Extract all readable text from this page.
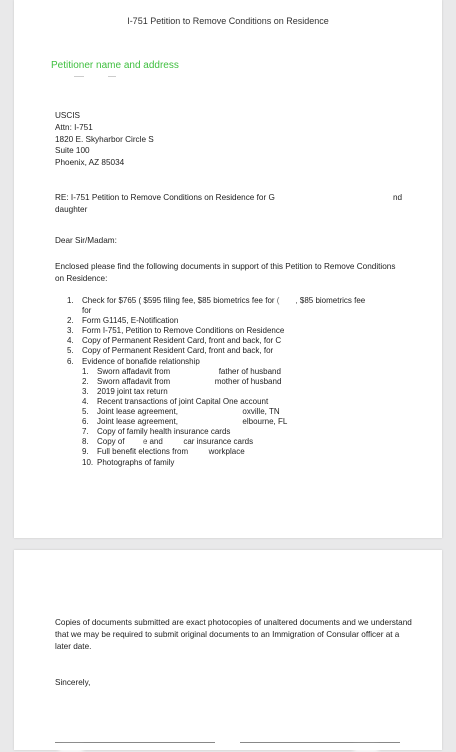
I-751 Petition to Remove Conditions on Residence
Petitioner name and address
USCIS
Attn: I-751
1820 E. Skyharbor Circle S
Suite 100
Phoenix, AZ 85034
RE: I-751 Petition to Remove Conditions on Residence for G	nd
daughter
Dear Sir/Madam:
Enclosed please find the following documents in support of this Petition to Remove Conditions on Residence:
1. Check for $765 ( $595 filing fee, $85 biometrics fee for ( , $85 biometrics fee
for
2. Form G1145, E-Notification
3. Form I-751, Petition to Remove Conditions on Residence
4. Copy of Permanent Resident Card, front and back, for C
5. Copy of Permanent Resident Card, front and back, for
6. Evidence of bonafide relationship
1. Sworn affadavit from	father of husband
2. Sworn affadavit from	mother of husband
3. 2019 joint tax return
4. Recent transactions of joint Capital One account
5. Joint lease agreement,	oxville, TN
6. Joint lease agreement,	elbourne, FL
7. Copy of family health insurance cards
8. Copy of e and	car insurance cards
9. Full benefit elections from	workplace
10. Photographs of family
Copies of documents submitted are exact photocopies of unaltered documents and we understand that we may be required to submit original documents to an Immigration of Consular officer at a later date.
Sincerely,
